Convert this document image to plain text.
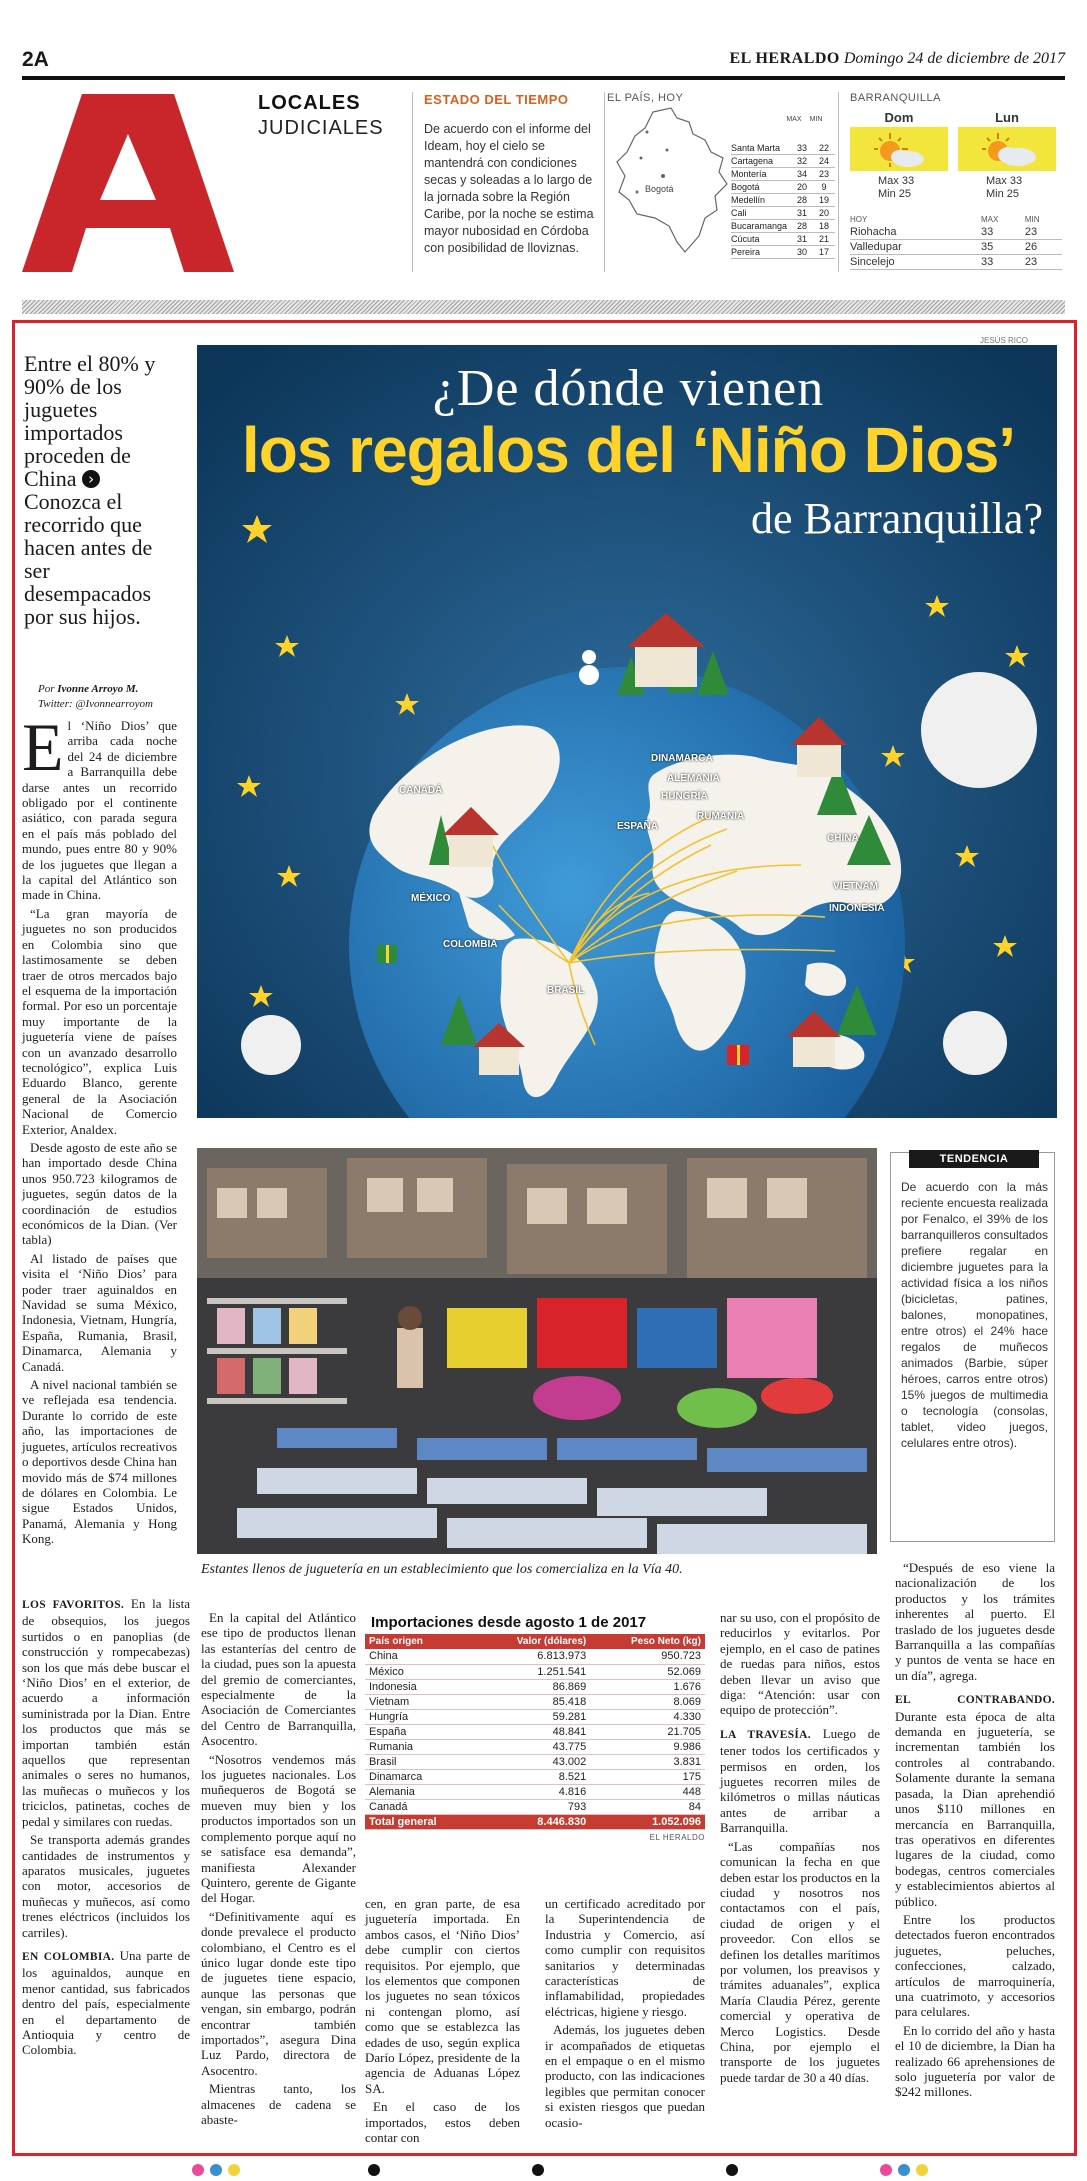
2A	EL HERALDO Domingo 24 de diciembre de 2017
LOCALES
JUDICIALES
ESTADO DEL TIEMPO
De acuerdo con el informe del Ideam, hoy el cielo se mantendrá con condiciones secas y soleadas a lo largo de la jornada sobre la Región Caribe, por la noche se estima mayor nubosidad en Córdoba con posibilidad de lloviznas.
EL PAÍS, HOY
Bogotá
MAX MIN
Santa Marta	33	22
Cartagena	32	24
Montería	34	23
Bogotá	20	9
Medellín	28	19
Cali	31	20
Bucaramanga	28	18
Cúcuta	31	21
Pereira	30	17
BARRANQUILLA
Dom
Max 33
Min 25
Lun
Max 33
Min 25
HOY	MAX	MIN
Riohacha	33	23
Valledupar	35	26
Sincelejo	33	23
Entre el 80% y 90% de los juguetes importados proceden de China ›Conozca el recorrido que hacen antes de ser desempacados por sus hijos.
Por Ivonne Arroyo M.
Twitter: @Ivonnearroyom

El ‘Niño Dios’ que arriba cada noche del 24 de diciembre a Barranquilla debe darse antes un recorrido obligado por el continente asiático, con parada segura en el país más poblado del mundo, pues entre 80 y 90% de los juguetes que llegan a la capital del Atlántico son made in China.

“La gran mayoría de juguetes no son producidos en Colombia sino que lastimosamente se deben traer de otros mercados bajo el esquema de la importación formal. Por eso un porcentaje muy importante de la juguetería viene de países con un avanzado desarrollo tecnológico”, explica Luis Eduardo Blanco, gerente general de la Asociación Nacional de Comercio Exterior, Analdex.

Desde agosto de este año se han importado desde China unos 950.723 kilogramos de juguetes, según datos de la coordinación de estudios económicos de la Dian. (Ver tabla)

Al listado de países que visita el ‘Niño Dios’ para poder traer aguinaldos en Navidad se suma México, Indonesia, Vietnam, Hungría, España, Rumania, Brasil, Dinamarca, Alemania y Canadá.

A nivel nacional también se ve reflejada esa tendencia. Durante lo corrido de este año, las importaciones de juguetes, artículos recreativos o deportivos desde China han movido más de $74 millones de dólares en Colombia. Le sigue Estados Unidos, Panamá, Alemania y Hong Kong.

JESÚS RICO
¿De dónde vienen
los regalos del ‘Niño Dios’
de Barranquilla?
CANADÁ
MÉXICO
COLOMBIA
BRASIL
ESPAÑA
DINAMARCA
ALEMANIA
HUNGRÍA
RUMANIA
CHINA
VIETNAM
INDONESIA
Estantes llenos de juguetería en un establecimiento que los comercializa en la Vía 40.
TENDENCIA
De acuerdo con la más reciente encuesta realizada por Fenalco, el 39% de los barranquilleros consultados prefiere regalar en diciembre juguetes para la actividad física a los niños (bicicletas, patines, balones, monopatines, entre otros) el 24% hace regalos de muñecos animados (Barbie, súper héroes, carros entre otros) 15% juegos de multimedia o tecnología (consolas, tablet, video juegos, celulares entre otros).

LOS FAVORITOS. En la lista de obsequios, los juegos surtidos o en panoplias (de construcción y rompecabezas) son los que más debe buscar el ‘Niño Dios’ en el exterior, de acuerdo a información suministrada por la Dian. Entre los productos que más se importan también están aquellos que representan animales o seres no humanos, las muñecas o muñecos y los triciclos, patinetas, coches de pedal y similares con ruedas.

Se transporta además grandes cantidades de instrumentos y aparatos musicales, juguetes con motor, accesorios de muñecas y muñecos, así como trenes eléctricos (incluidos los carriles).

EN COLOMBIA. Una parte de los aguinaldos, aunque en menor cantidad, sus fabricados dentro del país, especialmente en el departamento de Antioquia y centro de Colombia.

En la capital del Atlántico ese tipo de productos llenan las estanterías del centro de la ciudad, pues son la apuesta del gremio de comerciantes, especialmente de la Asociación de Comerciantes del Centro de Barranquilla, Asocentro.

“Nosotros vendemos más los juguetes nacionales. Los muñequeros de Bogotá se mueven muy bien y los productos importados son un complemento porque aquí no se satisface esa demanda”, manifiesta Alexander Quintero, gerente de Gigante del Hogar.

“Definitivamente aquí es donde prevalece el producto colombiano, el Centro es el único lugar donde este tipo de juguetes tiene espacio, aunque las personas que vengan, sin embargo, podrán encontrar también importados”, asegura Dina Luz Pardo, directora de Asocentro.

Mientras tanto, los almacenes de cadena se abaste-

Importaciones desde agosto 1 de 2017
País origen	Valor (dólares)	Peso Neto (kg)
China	6.813.973	950.723
México	1.251.541	52.069
Indonesia	86.869	1.676
Vietnam	85.418	8.069
Hungría	59.281	4.330
España	48.841	21.705
Rumania	43.775	9.986
Brasil	43.002	3.831
Dinamarca	8.521	175
Alemania	4.816	448
Canadá	793	84
Total general	8.446.830	1.052.096
EL HERALDO

cen, en gran parte, de esa juguetería importada. En ambos casos, el ‘Niño Dios’ debe cumplir con ciertos requisitos. Por ejemplo, que los elementos que componen los juguetes no sean tóxicos ni contengan plomo, así como que se establezca las edades de uso, según explica Darío López, presidente de la agencia de Aduanas López SA.

En el caso de los importados, estos deben contar con

un certificado acreditado por la Superintendencia de Industria y Comercio, así como cumplir con requisitos sanitarios y determinadas características de inflamabilidad, propiedades eléctricas, higiene y riesgo.

Además, los juguetes deben ir acompañados de etiquetas en el empaque o en el mismo producto, con las indicaciones legibles que permitan conocer si existen riesgos que puedan ocasio-

nar su uso, con el propósito de reducirlos y evitarlos. Por ejemplo, en el caso de patines de ruedas para niños, estos deben llevar un aviso que diga: “Atención: usar con equipo de protección”.

LA TRAVESÍA. Luego de tener todos los certificados y permisos en orden, los juguetes recorren miles de kilómetros o millas náuticas antes de arribar a Barranquilla.

“Las compañías nos comunican la fecha en que deben estar los productos en la ciudad y nosotros nos contactamos con el país, ciudad de origen y el proveedor. Con ellos se definen los detalles marítimos por volumen, los preavisos y trámites aduanales”, explica María Claudia Pérez, gerente comercial y operativa de Merco Logistics. Desde China, por ejemplo el transporte de los juguetes puede tardar de 30 a 40 días.

“Después de eso viene la nacionalización de los productos y los trámites inherentes al puerto. El traslado de los juguetes desde Barranquilla a las compañías y puntos de venta se hace en un día”, agrega.

EL CONTRABANDO. Durante esta época de alta demanda en juguetería, se incrementan también los controles al contrabando. Solamente durante la semana pasada, la Dian aprehendió unos $110 millones en mercancía en Barranquilla, tras operativos en diferentes lugares de la ciudad, como bodegas, centros comerciales y establecimientos abiertos al público.

Entre los productos detectados fueron encontrados juguetes, peluches, confecciones, calzado, artículos de marroquinería, una cuatrimoto, y accesorios para celulares.

En lo corrido del año y hasta el 10 de diciembre, la Dian ha realizado 66 aprehensiones de solo juguetería por valor de $242 millones.
